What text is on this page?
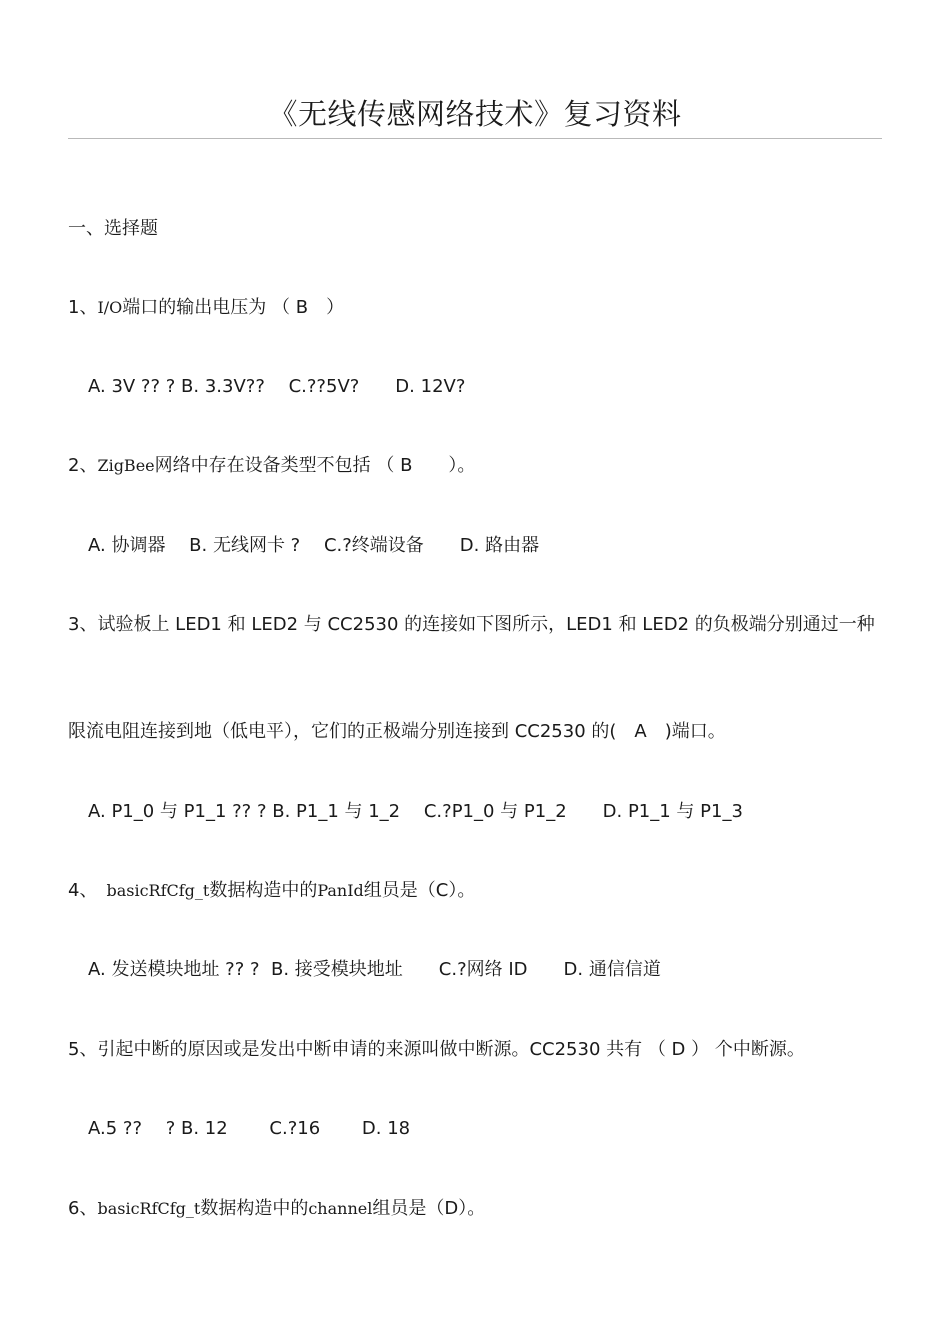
《无线传感网络技术》复习资料
一、选择题
1、I/O端口的输出电压为 （ B　）
A. 3V ?? ? B. 3.3V??　 C.??5V?　　D. 12V?
2、ZigBee网络中存在设备类型不包括 （ B　　）。
A. 协调器　 B. 无线网卡 ?　 C.?终端设备　　D. 路由器
3、试验板上 LED1 和 LED2 与 CC2530 的连接如下图所示，LED1 和 LED2 的负极端分别通过一种
限流电阻连接到地（低电平），它们的正极端分别连接到 CC2530 的(　A　)端口。
A. P1_0 与 P1_1 ?? ? B. P1_1 与 1_2　 C.?P1_0 与 P1_2　　D. P1_1 与 P1_3
4、　basicRfCfg_t数据构造中的PanId组员是（C）。
A. 发送模块地址 ?? ?  B. 接受模块地址　　C.?网络 ID　　D. 通信信道
5、引起中断的原因或是发出中断申请的来源叫做中断源。CC2530 共有 （ D ） 个中断源。
A.5 ??　 ? B. 12　　 C.?16　　 D. 18
6、basicRfCfg_t数据构造中的channel组员是（D）。
